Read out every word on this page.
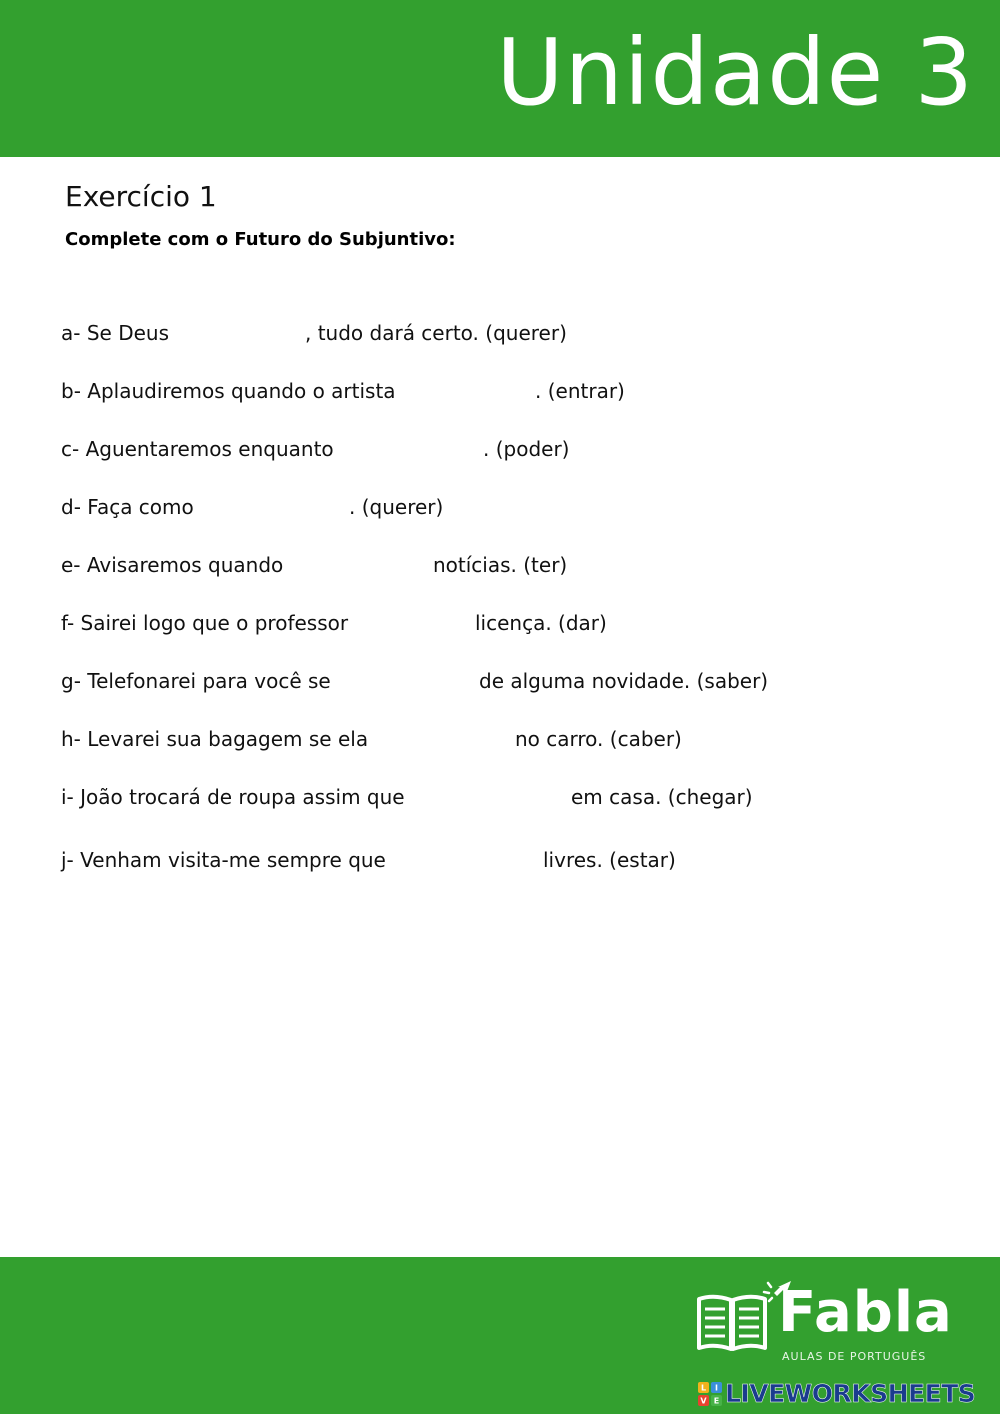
Unidade 3
Exercício 1

Complete com o Futuro do Subjuntivo:

a- Se Deus	, tudo dará certo. (querer)
b- Aplaudiremos quando o artista	. (entrar)
c- Aguentaremos enquanto	. (poder)
d- Faça como	. (querer)
e- Avisaremos quando	notícias. (ter)
f- Sairei logo que o professor	licença. (dar)
g- Telefonarei para você se	de alguma novidade. (saber)
h- Levarei sua bagagem se ela	no carro. (caber)
i- João trocará de roupa assim que	em casa. (chegar)
j- Venham visita-me sempre que	livres. (estar)
Fabla
AULAS DE PORTUGUÊS
L I
V E LIVEWORKSHEETS
